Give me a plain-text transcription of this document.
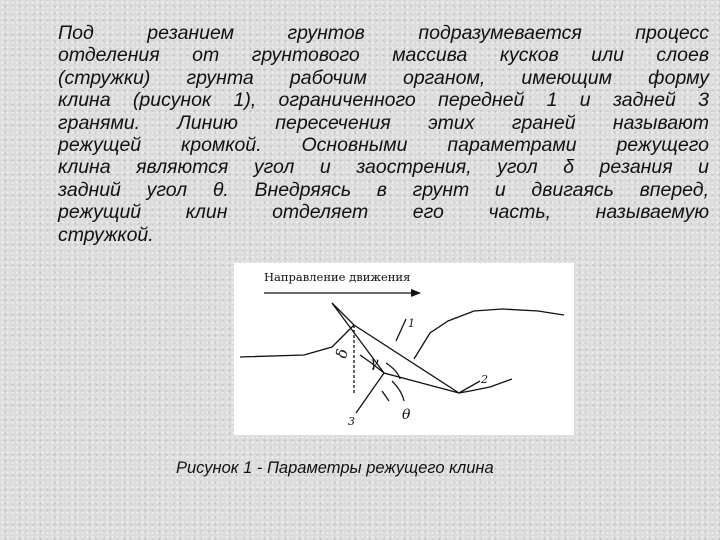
Под резанием грунтов подразумевается процесс
отделения от грунтового массива кусков или слоев
(стружки) грунта рабочим органом, имеющим форму
клина (рисунок 1), ограниченного передней 1 и задней 3
гранями. Линию пересечения этих граней называют
режущей кромкой. Основными параметрами режущего
клина являются угол и заострения, угол δ резания и
задний угол θ. Внедряясь в грунт и двигаясь вперед,
режущий клин отделяет его часть, называемую
стружкой.
Направление движения
δ
γ
1
2
3	θ
Рисунок 1 - Параметры режущего клина
